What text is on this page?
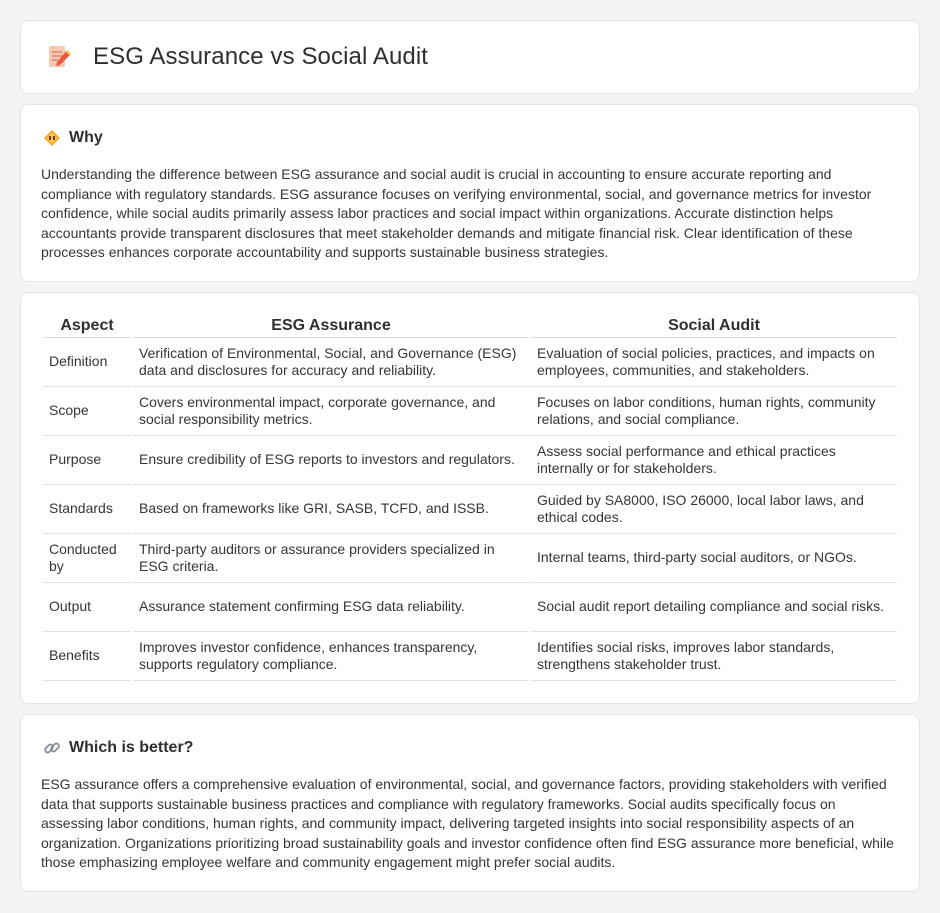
ESG Assurance vs Social Audit
Why

Understanding the difference between ESG assurance and social audit is crucial in accounting to ensure accurate reporting and compliance with regulatory standards. ESG assurance focuses on verifying environmental, social, and governance metrics for investor confidence, while social audits primarily assess labor practices and social impact within organizations. Accurate distinction helps accountants provide transparent disclosures that meet stakeholder demands and mitigate financial risk. Clear identification of these processes enhances corporate accountability and supports sustainable business strategies.

Aspect	ESG Assurance	Social Audit
Definition	Verification of Environmental, Social, and Governance (ESG) data and disclosures for accuracy and reliability.	Evaluation of social policies, practices, and impacts on employees, communities, and stakeholders.
Scope	Covers environmental impact, corporate governance, and social responsibility metrics.	Focuses on labor conditions, human rights, community relations, and social compliance.
Purpose	Ensure credibility of ESG reports to investors and regulators.	Assess social performance and ethical practices internally or for stakeholders.
Standards	Based on frameworks like GRI, SASB, TCFD, and ISSB.	Guided by SA8000, ISO 26000, local labor laws, and ethical codes.
Conducted by	Third-party auditors or assurance providers specialized in ESG criteria.	Internal teams, third-party social auditors, or NGOs.
Output	Assurance statement confirming ESG data reliability.	Social audit report detailing compliance and social risks.
Benefits	Improves investor confidence, enhances transparency, supports regulatory compliance.	Identifies social risks, improves labor standards, strengthens stakeholder trust.
Which is better?

ESG assurance offers a comprehensive evaluation of environmental, social, and governance factors, providing stakeholders with verified data that supports sustainable business practices and compliance with regulatory frameworks. Social audits specifically focus on assessing labor conditions, human rights, and community impact, delivering targeted insights into social responsibility aspects of an organization. Organizations prioritizing broad sustainability goals and investor confidence often find ESG assurance more beneficial, while those emphasizing employee welfare and community engagement might prefer social audits.
